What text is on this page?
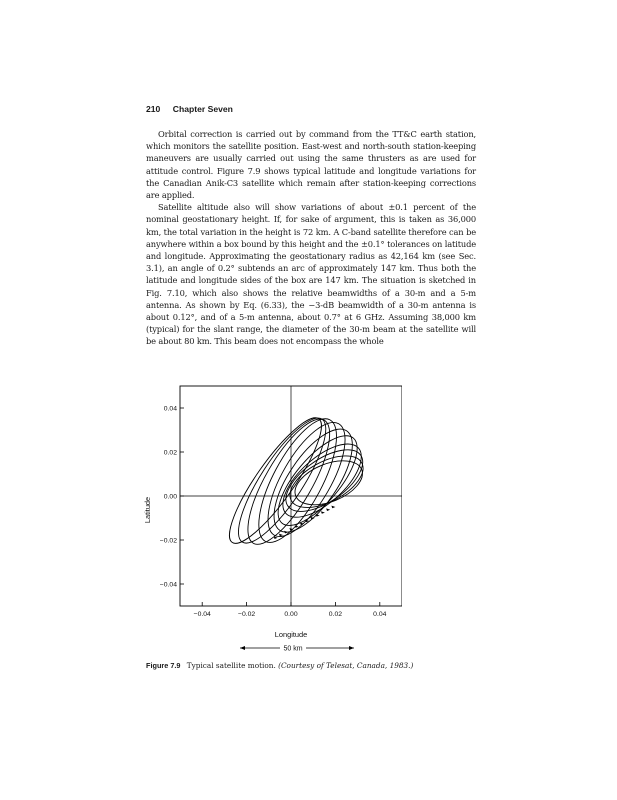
210 Chapter Seven

Orbital correction is carried out by command from the TT&C earth station, which monitors the satellite position. East-west and north-south station-keeping maneuvers are usually carried out using the same thrusters as are used for attitude control. Figure 7.9 shows typical latitude and longitude variations for the Canadian Anik-C3 satellite which remain after station-keeping corrections are applied.

Satellite altitude also will show variations of about ±0.1 percent of the nominal geostationary height. If, for sake of argument, this is taken as 36,000 km, the total variation in the height is 72 km. A C-band satellite therefore can be anywhere within a box bound by this height and the ±0.1° tolerances on latitude and longitude. Approximating the geostationary radius as 42,164 km (see Sec. 3.1), an angle of 0.2° subtends an arc of approximately 147 km. Thus both the latitude and longitude sides of the box are 147 km. The situation is sketched in Fig. 7.10, which also shows the relative beamwidths of a 30-m and a 5-m antenna. As shown by Eq. (6.33), the −3-dB beamwidth of a 30-m antenna is about 0.12°, and of a 5-m antenna, about 0.7° at 6 GHz. Assuming 38,000 km (typical) for the slant range, the diameter of the 30-m beam at the satellite will be about 80 km. This beam does not encompass the whole

0.04
0.02
0.00
−0.02
−0.04
−0.04	−0.02	0.00	0.02	0.04
Latitude
Longitude
50 km
Figure 7.9 Typical satellite motion. (Courtesy of Telesat, Canada, 1983.)
